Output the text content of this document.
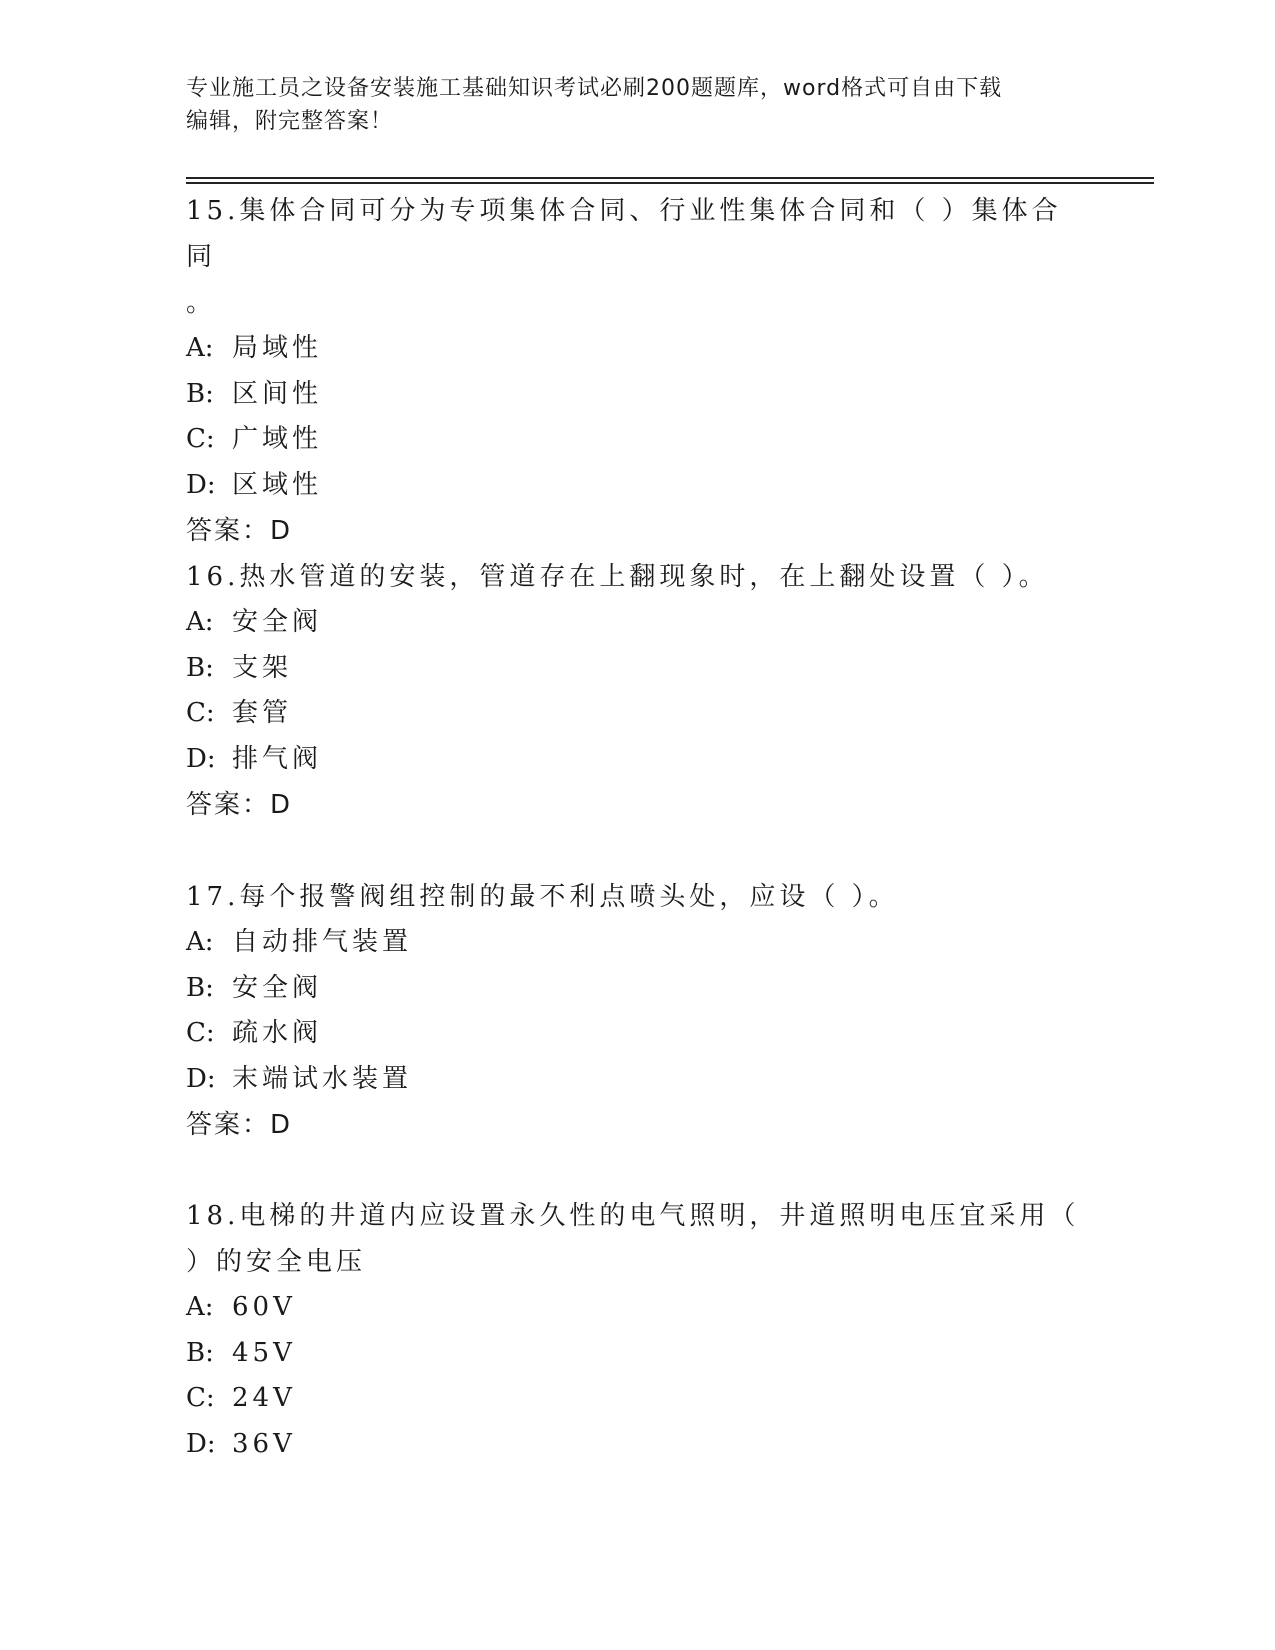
专业施工员之设备安装施工基础知识考试必刷200题题库，word格式可自由下载
编辑，附完整答案！
15.集体合同可分为专项集体合同、行业性集体合同和（ ）集体合同
。
A: 局域性
B: 区间性
C: 广域性
D: 区域性
答案：D
16.热水管道的安装，管道存在上翻现象时，在上翻处设置（ ）。
A: 安全阀
B: 支架
C: 套管
D: 排气阀
答案：D
17.每个报警阀组控制的最不利点喷头处，应设（ ）。
A: 自动排气装置
B: 安全阀
C: 疏水阀
D: 末端试水装置
答案：D
18.电梯的井道内应设置永久性的电气照明，井道照明电压宜采用（
）的安全电压
A: 60V
B: 45V
C: 24V
D: 36V
